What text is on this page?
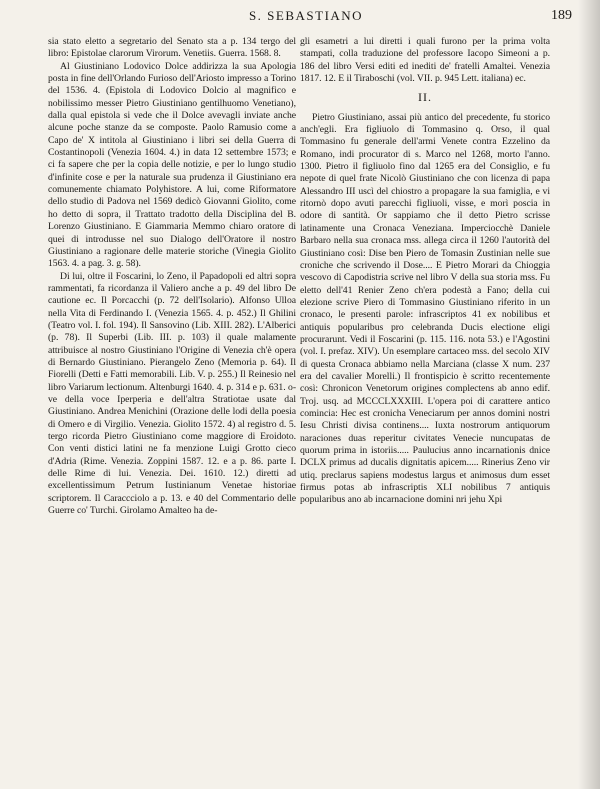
S. SEBASTIANO	189

sia stato eletto a segretario del Senato sta a p. 134 tergo del libro: Epistolae clarorum Virorum. Venetiis. Guerra. 1568. 8.

Al Giustiniano Lodovico Dolce addirizza la sua Apologia posta in fine dell'Orlando Furioso dell'Ariosto impresso a Torino del 1536. 4. (Epistola di Lodovico Dolcio al magnifico e nobilissimo messer Pietro Giustiniano gentilhuomo Venetiano), dalla qual epistola si vede che il Dolce avevagli inviate anche alcune poche stanze da se composte. Paolo Ramusio come a Capo de' X intitola al Giustiniano i libri sei della Guerra di Costantinopoli (Venezia 1604. 4.) in data 12 settembre 1573; e ci fa sapere che per la copia delle notizie, e per lo lungo studio d'infinite cose e per la naturale sua prudenza il Giustiniano era comunemente chiamato Polyhistore. A lui, come Riformatore dello studio di Padova nel 1569 dedicò Giovanni Giolito, come ho detto di sopra, il Trattato tradotto della Disciplina del B. Lorenzo Giustiniano. E Giammaria Memmo chiaro oratore di quei di introdusse nel suo Dialogo dell'Oratore il nostro Giustiniano a ragionare delle materie storiche (Vinegia Giolito 1563. 4. a pag. 3. g. 58).

Di lui, oltre il Foscarini, lo Zeno, il Papadopoli ed altri sopra rammentati, fa ricordanza il Valiero anche a p. 49 del libro De cautione ec. Il Porcacchi (p. 72 dell'Isolario). Alfonso Ulloa nella Vita di Ferdinando I. (Venezia 1565. 4. p. 452.) Il Ghilini (Teatro vol. I. fol. 194). Il Sansovino (Lib. XIII. 282). L'Alberici (p. 78). Il Superbi (Lib. III. p. 103) il quale malamente attribuisce al nostro Giustiniano l'Origine di Venezia ch'è opera di Bernardo Giustiniano. Pierangelo Zeno (Memoria p. 64). Il Fiorelli (Detti e Fatti memorabili. Lib. V. p. 255.) Il Reinesio nel libro Variarum lectionum. Altenburgi 1640. 4. p. 314 e p. 631. o- ve della voce Iperperia e dell'altra Stratiotae usate dal Giustiniano. Andrea Menichini (Orazione delle lodi della poesia di Omero e di Virgilio. Venezia. Giolito 1572. 4) al registro d. 5. tergo ricorda Pietro Giustiniano come maggiore di Eroidoto. Con venti distici latini ne fa menzione Luigi Grotto cieco d'Adria (Rime. Venezia. Zoppini 1587. 12. e a p. 86. parte I. delle Rime di lui. Venezia. Dei. 1610. 12.) diretti ad excellentissimum Petrum Iustinianum Venetae historiae scriptorem. Il Caraccciolo a p. 13. e 40 del Commentario delle Guerre co' Turchi. Girolamo Amalteo ha de-

gli esametri a lui diretti i quali furono per la prima volta stampati, colla traduzione del professore Iacopo Simeoni a p. 186 del libro Versi editi ed inediti de' fratelli Amaltei. Venezia 1817. 12. E il Tiraboschi (vol. VII. p. 945 Lett. italiana) ec.

II.

Pietro Giustiniano, assai più antico del precedente, fu storico anch'egli. Era figliuolo di Tommasino q. Orso, il qual Tommasino fu generale dell'armi Venete contra Ezzelino da Romano, indi procurator di s. Marco nel 1268, morto l'anno. 1300. Pietro il figliuolo fino dal 1265 era del Consiglio, e fu nepote di quel frate Nicolò Giustiniano che con licenza di papa Alessandro III uscì del chiostro a propagare la sua famiglia, e vi ritornò dopo avuti parecchi figliuoli, visse, e morì poscia in odore di santità. Or sappiamo che il detto Pietro scrisse latinamente una Cronaca Veneziana. Imperciocchè Daniele Barbaro nella sua cronaca mss. allega circa il 1260 l'autorità del Giustiniano così: Dise ben Piero de Tomasin Zustinian nelle sue croniche che scrivendo il Dose.... E Pietro Morari da Chioggia vescovo di Capodistria scrive nel libro V della sua storia mss. Fu eletto dell'41 Renier Zeno ch'era podestà a Fano; della cui elezione scrive Piero di Tommasino Giustiniano riferito in un cronaco, le presenti parole: infrascriptos 41 ex nobilibus et antiquis popularibus pro celebranda Ducis electione eligi procurarunt. Vedi il Foscarini (p. 115. 116. nota 53.) e l'Agostini (vol. I. prefaz. XIV). Un esemplare cartaceo mss. del secolo XIV di questa Cronaca abbiamo nella Marciana (classe X num. 237 era del cavalier Morelli.) Il frontispicio è scritto recentemente così: Chronicon Venetorum origines complectens ab anno edif. Troj. usq. ad MCCCLXXXIII. L'opera poi di carattere antico comincia: Hec est cronicha Veneciarum per annos domini nostri Iesu Christi divisa continens.... Iuxta nostrorum antiquorum naraciones duas reperitur civitates Venecie nuncupatas de quorum prima in istoriis..... Paulucius anno incarnationis dnice DCLX primus ad ducalis dignitatis apicem..... Rinerius Zeno vir utiq. preclarus sapiens modestus largus et animosus dum esset firmus potas ab infrascriptis XLI nobilibus 7 antiquis popularibus ano ab incarnacione domini nri jehu Xpi
